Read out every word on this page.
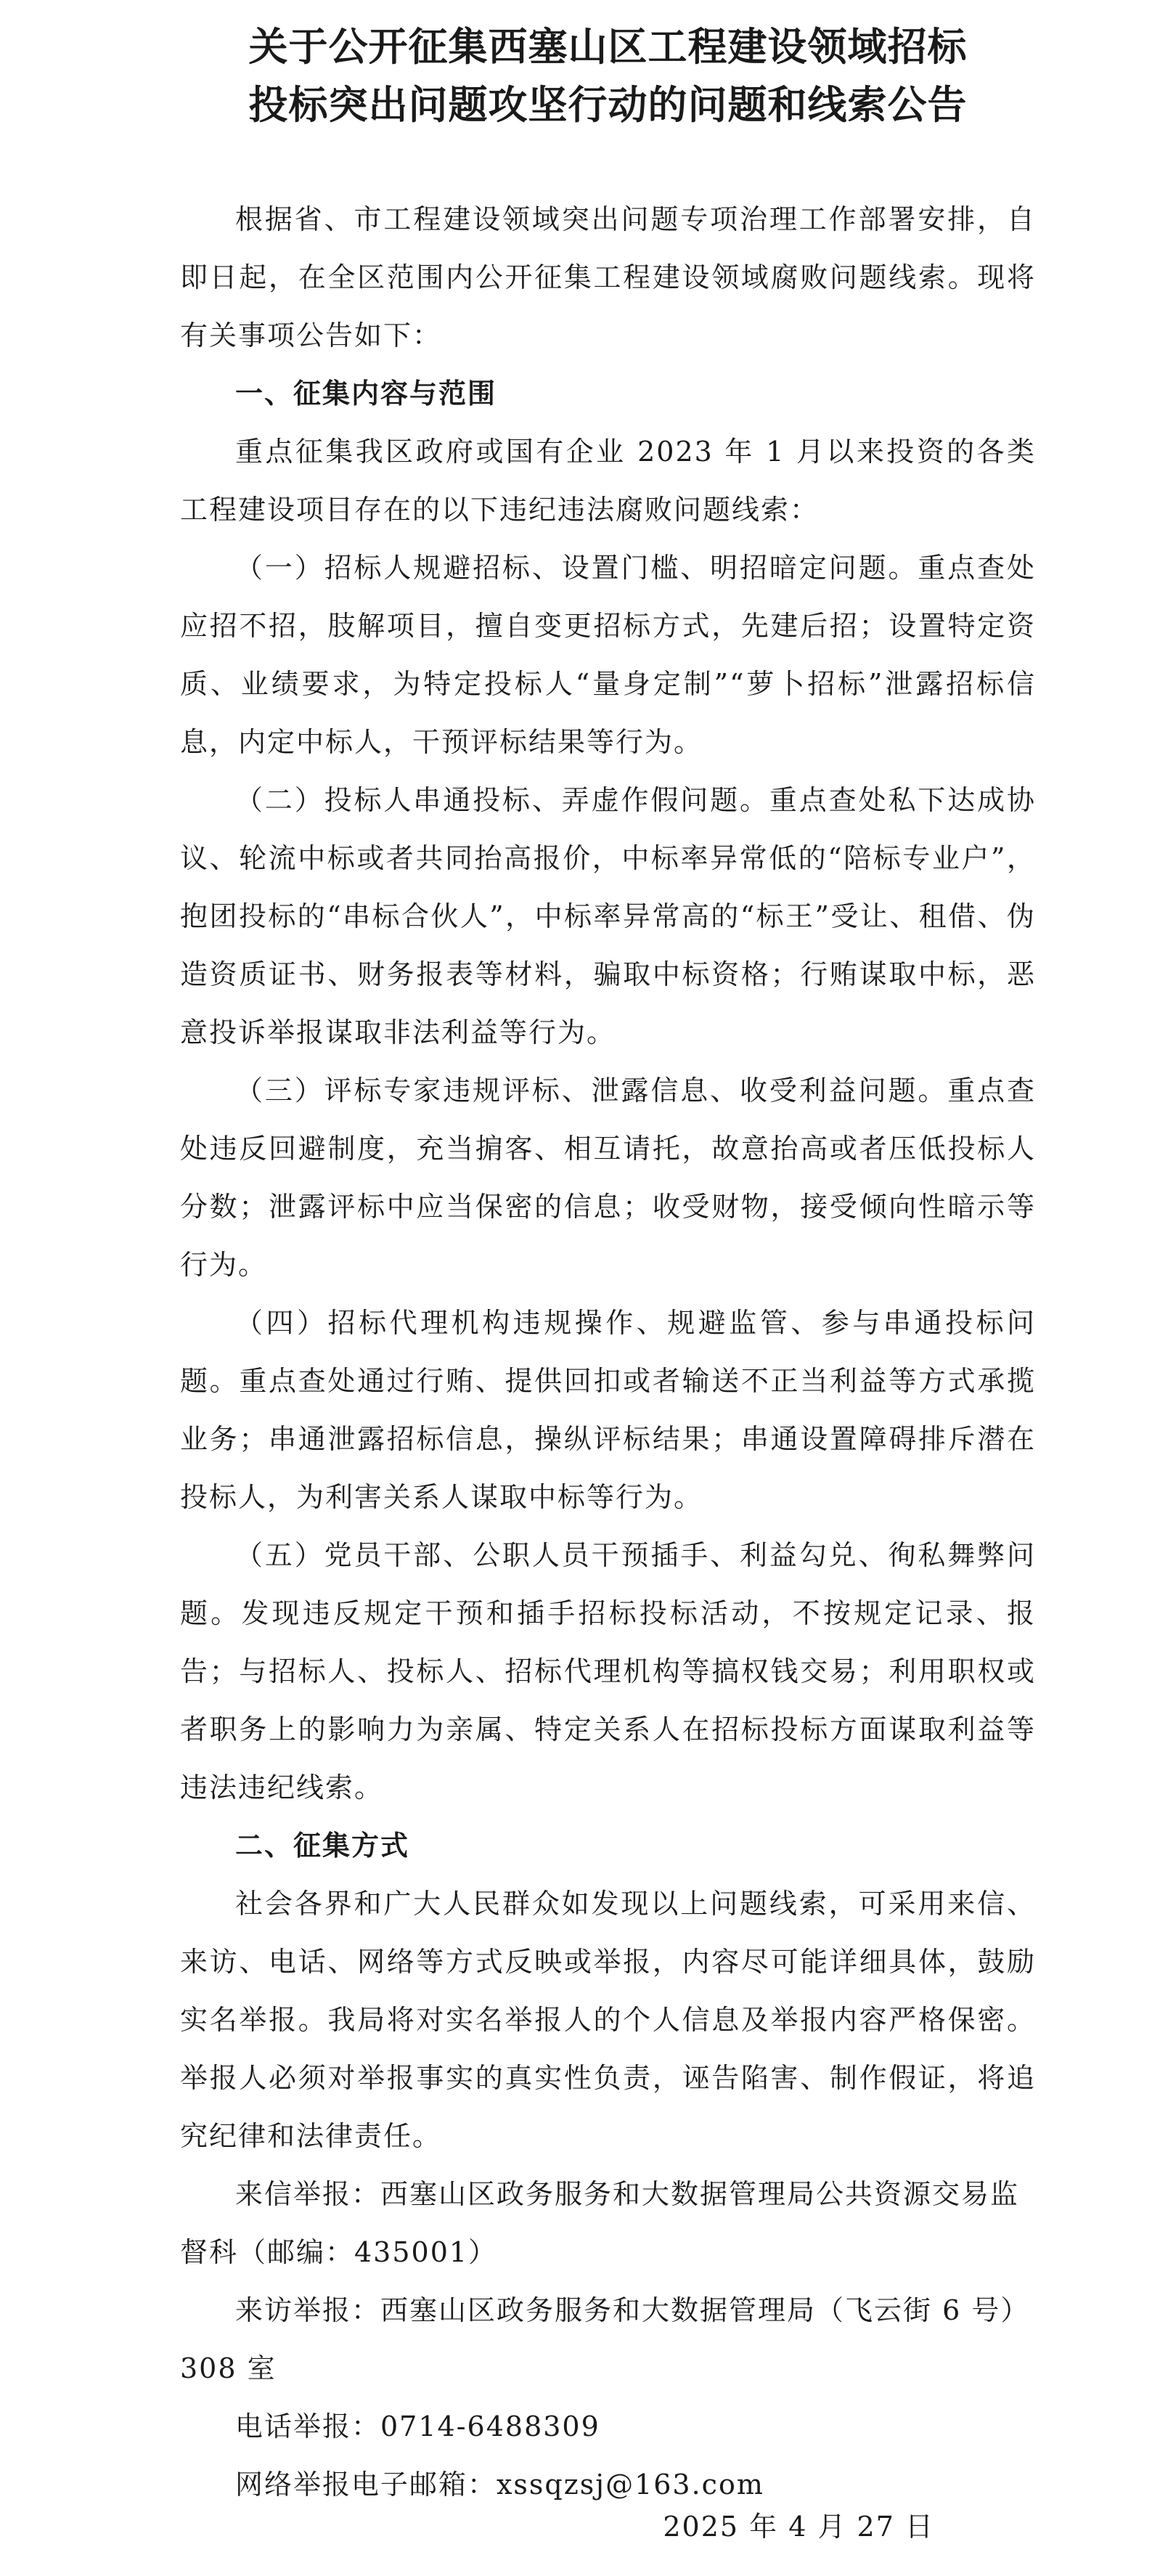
关于公开征集西塞山区工程建设领域招标
投标突出问题攻坚行动的问题和线索公告

根据省、市工程建设领域突出问题专项治理工作部署安排，自即日起，在全区范围内公开征集工程建设领域腐败问题线索。现将有关事项公告如下：

一、征集内容与范围

重点征集我区政府或国有企业 2023 年 1 月以来投资的各类工程建设项目存在的以下违纪违法腐败问题线索：

（一）招标人规避招标、设置门槛、明招暗定问题。重点查处应招不招，肢解项目，擅自变更招标方式，先建后招；设置特定资质、业绩要求，为特定投标人“量身定制”“萝卜招标”泄露招标信息，内定中标人，干预评标结果等行为。

（二）投标人串通投标、弄虚作假问题。重点查处私下达成协议、轮流中标或者共同抬高报价，中标率异常低的“陪标专业户”，抱团投标的“串标合伙人”，中标率异常高的“标王”受让、租借、伪造资质证书、财务报表等材料，骗取中标资格；行贿谋取中标，恶意投诉举报谋取非法利益等行为。

（三）评标专家违规评标、泄露信息、收受利益问题。重点查处违反回避制度，充当掮客、相互请托，故意抬高或者压低投标人分数；泄露评标中应当保密的信息；收受财物，接受倾向性暗示等行为。

（四）招标代理机构违规操作、规避监管、参与串通投标问题。重点查处通过行贿、提供回扣或者输送不正当利益等方式承揽业务；串通泄露招标信息，操纵评标结果；串通设置障碍排斥潜在投标人，为利害关系人谋取中标等行为。

（五）党员干部、公职人员干预插手、利益勾兑、徇私舞弊问题。发现违反规定干预和插手招标投标活动，不按规定记录、报告；与招标人、投标人、招标代理机构等搞权钱交易；利用职权或者职务上的影响力为亲属、特定关系人在招标投标方面谋取利益等违法违纪线索。

二、征集方式

社会各界和广大人民群众如发现以上问题线索，可采用来信、来访、电话、网络等方式反映或举报，内容尽可能详细具体，鼓励实名举报。我局将对实名举报人的个人信息及举报内容严格保密。举报人必须对举报事实的真实性负责，诬告陷害、制作假证，将追究纪律和法律责任。

来信举报：西塞山区政务服务和大数据管理局公共资源交易监督科（邮编：435001）

来访举报：西塞山区政务服务和大数据管理局（飞云街 6 号）308 室

电话举报：0714-6488309

网络举报电子邮箱：xssqzsj@163.com

2025 年 4 月 27 日
